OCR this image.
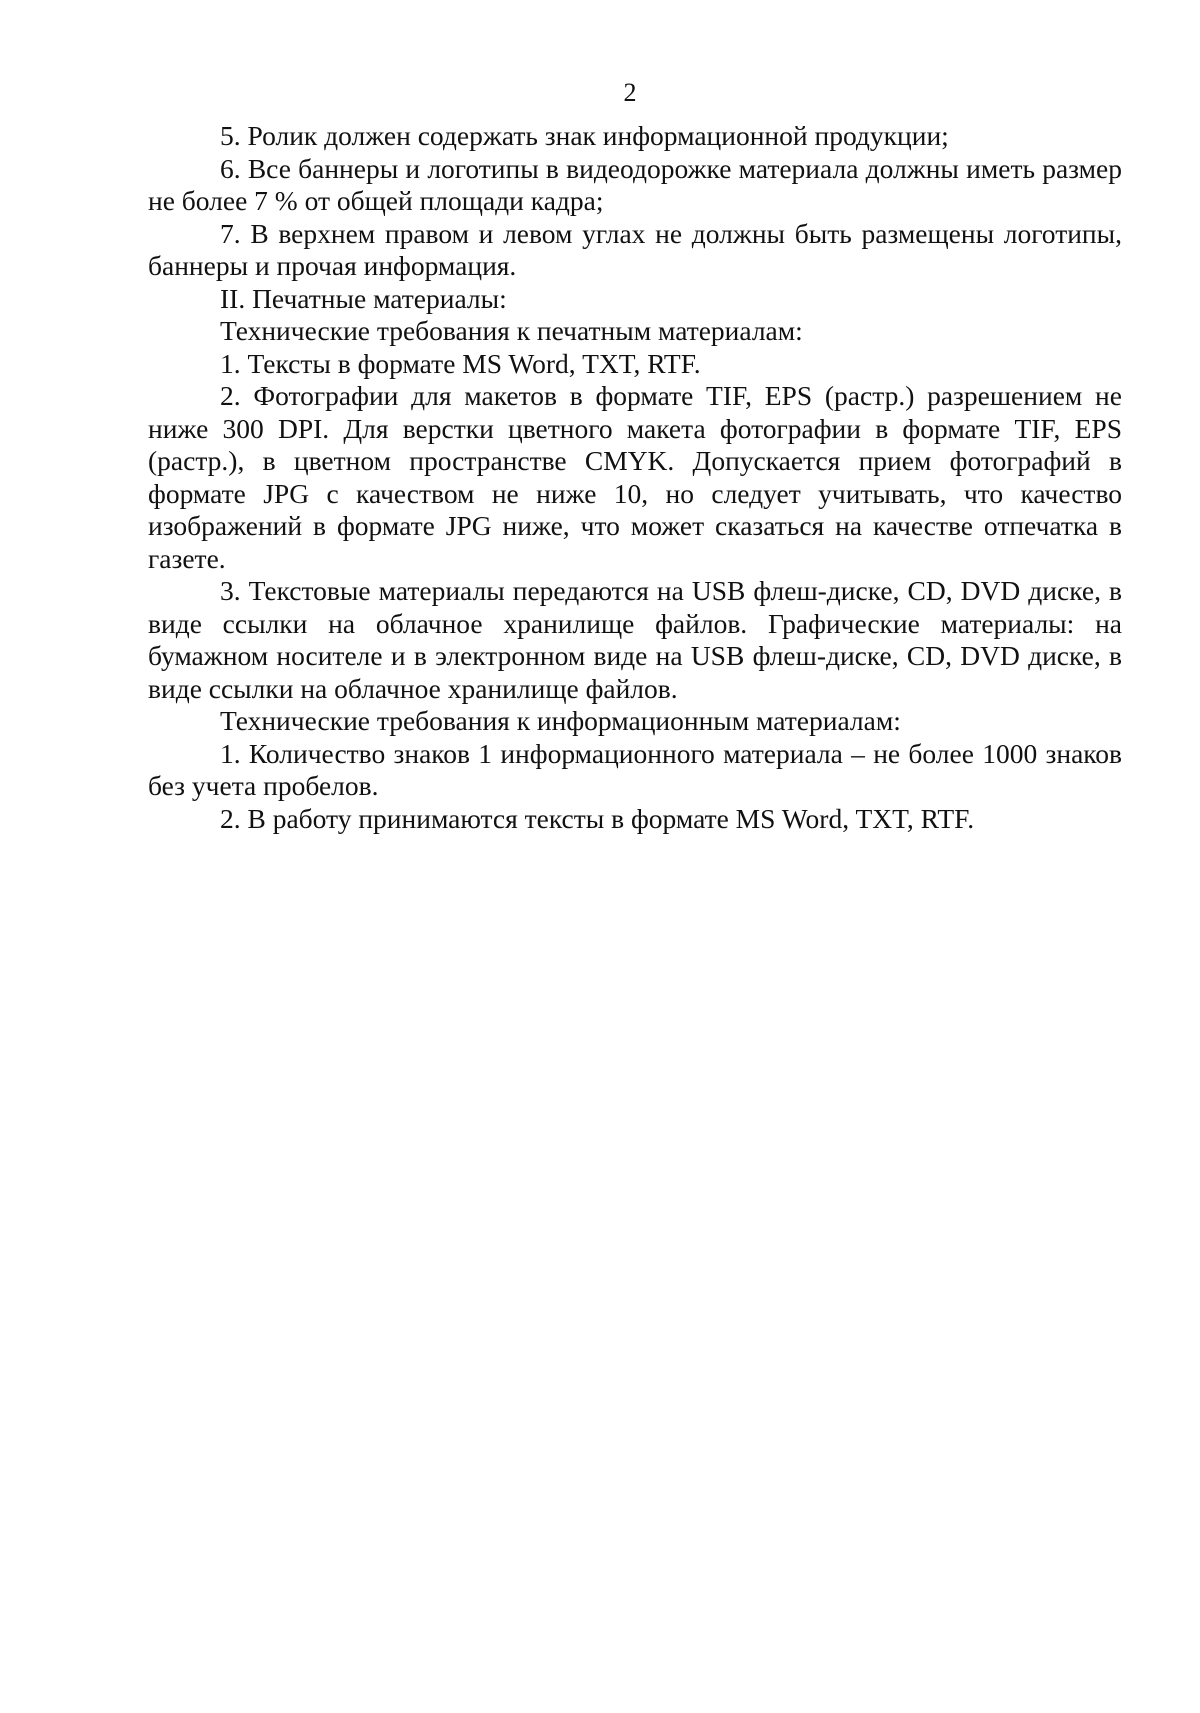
2

5. Ролик должен содержать знак информационной продукции;

6. Все баннеры и логотипы в видеодорожке материала должны иметь размер не более 7 % от общей площади кадра;

7. В верхнем правом и левом углах не должны быть размещены логотипы, баннеры и прочая информация.

II. Печатные материалы:

Технические требования к печатным материалам:

1. Тексты в формате MS Word, TXT, RTF.

2. Фотографии для макетов в формате TIF, EPS (растр.) разрешением не ниже 300 DPI. Для верстки цветного макета фотографии в формате TIF, EPS (растр.), в цветном пространстве CMYK. Допускается прием фотографий в формате JPG с качеством не ниже 10, но следует учитывать, что качество изображений в формате JPG ниже, что может сказаться на качестве отпечатка в газете.

3. Текстовые материалы передаются на USB флеш-диске, CD, DVD диске, в виде ссылки на облачное хранилище файлов. Графические материалы: на бумажном носителе и в электронном виде на USB флеш-диске, CD, DVD диске, в виде ссылки на облачное хранилище файлов.

Технические требования к информационным материалам:

1. Количество знаков 1 информационного материала – не более 1000 знаков без учета пробелов.

2. В работу принимаются тексты в формате MS Word, TXT, RTF.
